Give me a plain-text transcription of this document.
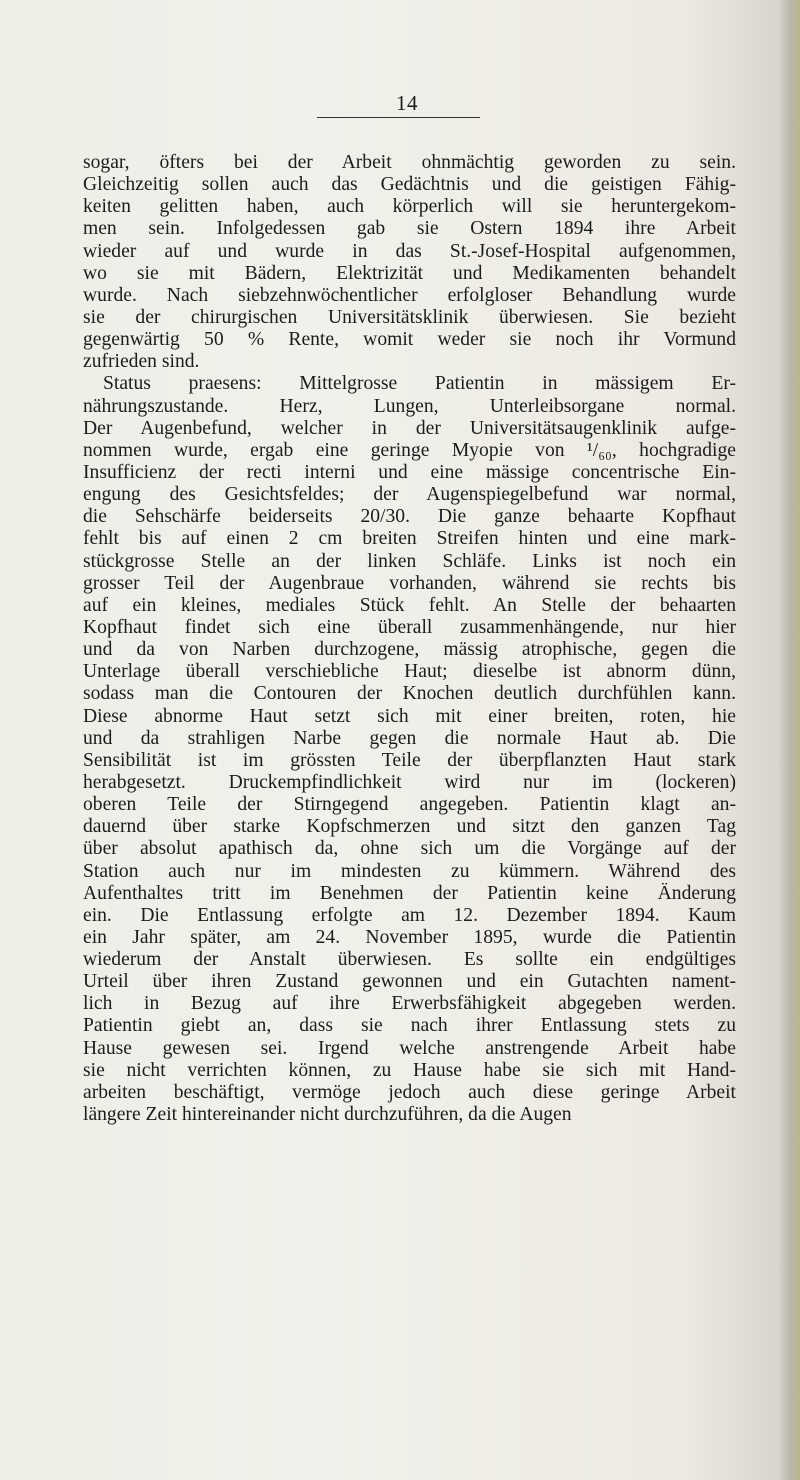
14
sogar, öfters bei der Arbeit ohnmächtig geworden zu sein.
Gleichzeitig sollen auch das Gedächtnis und die geistigen Fähig-
keiten gelitten haben, auch körperlich will sie heruntergekom-
men sein. Infolgedessen gab sie Ostern 1894 ihre Arbeit
wieder auf und wurde in das St.-Josef-Hospital aufgenommen,
wo sie mit Bädern, Elektrizität und Medikamenten behandelt
wurde. Nach siebzehnwöchentlicher erfolgloser Behandlung wurde
sie der chirurgischen Universitätsklinik überwiesen. Sie bezieht
gegenwärtig 50 % Rente, womit weder sie noch ihr Vormund
zufrieden sind.
Status praesens: Mittelgrosse Patientin in mässigem Er-
nährungszustande. Herz, Lungen, Unterleibsorgane normal.
Der Augenbefund, welcher in der Universitätsaugenklinik aufge-
nommen wurde, ergab eine geringe Myopie von ¹/₆₀, hochgradige
Insufficienz der recti interni und eine mässige concentrische Ein-
engung des Gesichtsfeldes; der Augenspiegelbefund war normal,
die Sehschärfe beiderseits 20/30. Die ganze behaarte Kopfhaut
fehlt bis auf einen 2 cm breiten Streifen hinten und eine mark-
stückgrosse Stelle an der linken Schläfe. Links ist noch ein
grosser Teil der Augenbraue vorhanden, während sie rechts bis
auf ein kleines, mediales Stück fehlt. An Stelle der behaarten
Kopfhaut findet sich eine überall zusammenhängende, nur hier
und da von Narben durchzogene, mässig atrophische, gegen die
Unterlage überall verschiebliche Haut; dieselbe ist abnorm dünn,
sodass man die Contouren der Knochen deutlich durchfühlen kann.
Diese abnorme Haut setzt sich mit einer breiten, roten, hie
und da strahligen Narbe gegen die normale Haut ab. Die
Sensibilität ist im grössten Teile der überpflanzten Haut stark
herabgesetzt. Druckempfindlichkeit wird nur im (lockeren)
oberen Teile der Stirngegend angegeben. Patientin klagt an-
dauernd über starke Kopfschmerzen und sitzt den ganzen Tag
über absolut apathisch da, ohne sich um die Vorgänge auf der
Station auch nur im mindesten zu kümmern. Während des
Aufenthaltes tritt im Benehmen der Patientin keine Änderung
ein. Die Entlassung erfolgte am 12. Dezember 1894. Kaum
ein Jahr später, am 24. November 1895, wurde die Patientin
wiederum der Anstalt überwiesen. Es sollte ein endgültiges
Urteil über ihren Zustand gewonnen und ein Gutachten nament-
lich in Bezug auf ihre Erwerbsfähigkeit abgegeben werden.
Patientin giebt an, dass sie nach ihrer Entlassung stets zu
Hause gewesen sei. Irgend welche anstrengende Arbeit habe
sie nicht verrichten können, zu Hause habe sie sich mit Hand-
arbeiten beschäftigt, vermöge jedoch auch diese geringe Arbeit
längere Zeit hintereinander nicht durchzuführen, da die Augen
